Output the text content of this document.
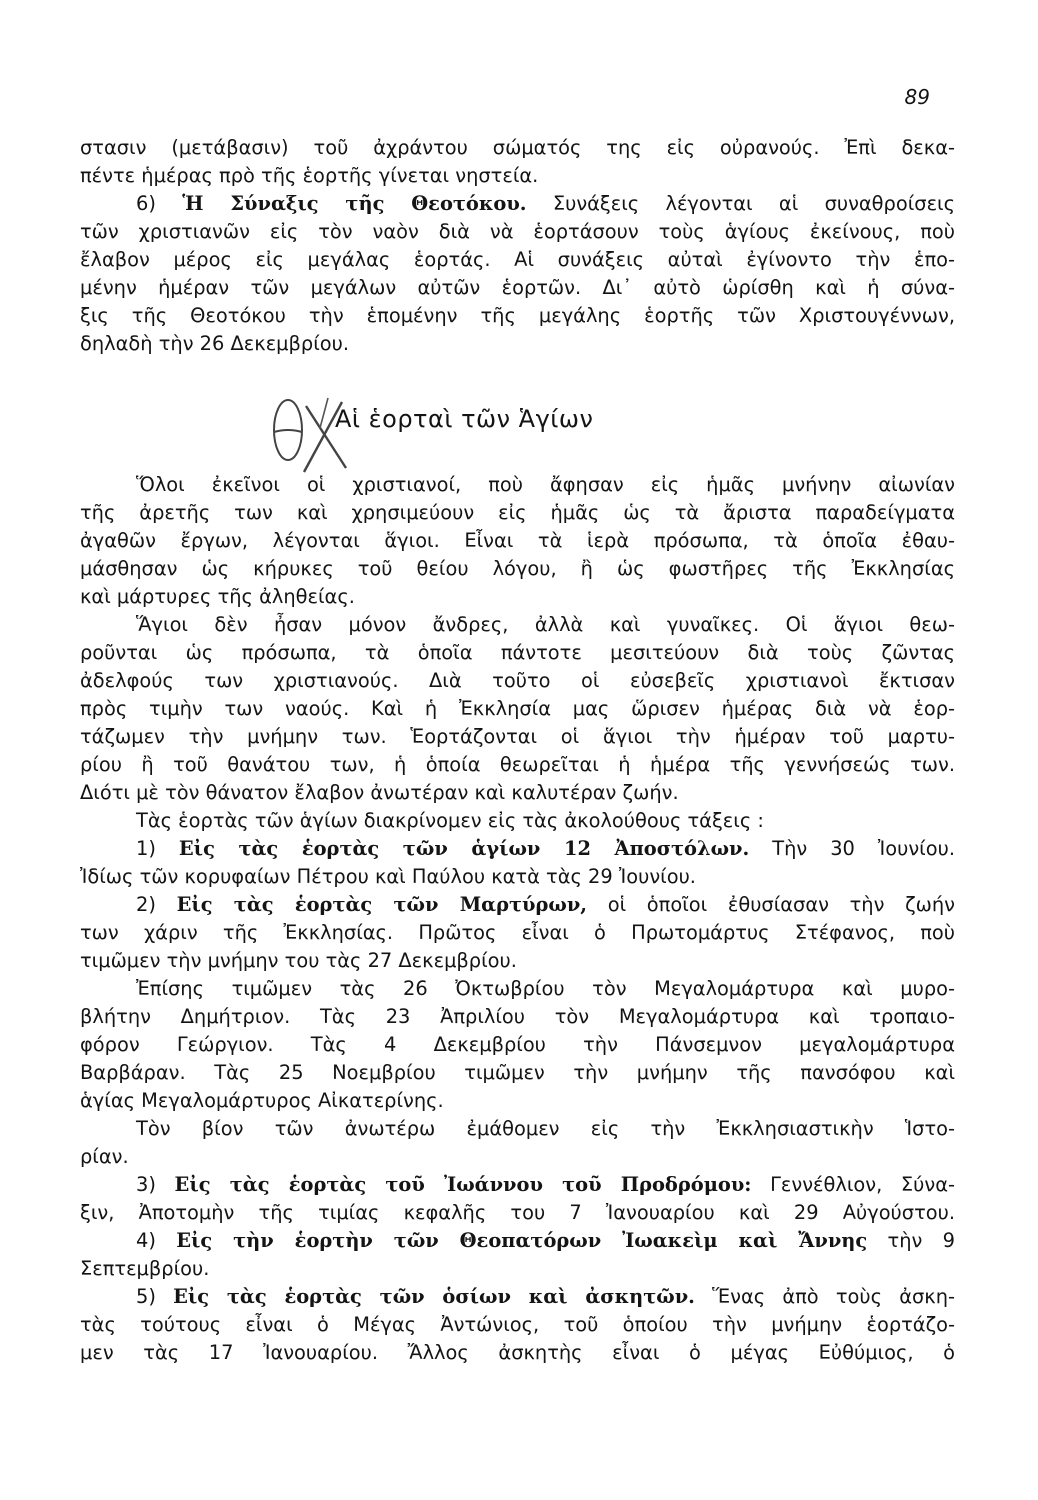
89
στασιν (μετάβασιν) τοῦ ἀχράντου σώματός της εἰς οὐρανούς. Ἐπὶ δεκα-
πέντε ἡμέρας πρὸ τῆς ἑορτῆς γίνεται νηστεία.
6) Ἡ Σύναξις τῆς Θεοτόκου. Συνάξεις λέγονται αἱ συναθροίσεις
τῶν χριστιανῶν εἰς τὸν ναὸν διὰ νὰ ἑορτάσουν τοὺς ἁγίους ἐκείνους, ποὺ
ἔλαβον μέρος εἰς μεγάλας ἑορτάς. Αἱ συνάξεις αὐταὶ ἐγίνοντο τὴν ἑπο-
μένην ἡμέραν τῶν μεγάλων αὐτῶν ἑορτῶν. Δι᾿ αὐτὸ ὡρίσθη καὶ ἡ σύνα-
ξις τῆς Θεοτόκου τὴν ἑπομένην τῆς μεγάλης ἑορτῆς τῶν Χριστουγέννων,
δηλαδὴ τὴν 26 Δεκεμβρίου.
Αἱ ἑορταὶ τῶν Ἁγίων
Ὅλοι ἐκεῖνοι οἱ χριστιανοί, ποὺ ἄφησαν εἰς ἡμᾶς μνήνην αἰωνίαν
τῆς ἀρετῆς των καὶ χρησιμεύουν εἰς ἡμᾶς ὡς τὰ ἄριστα παραδείγματα
ἀγαθῶν ἔργων, λέγονται ἅγιοι. Εἶναι τὰ ἱερὰ πρόσωπα, τὰ ὁποῖα ἐθαυ-
μάσθησαν ὡς κήρυκες τοῦ θείου λόγου, ἢ ὡς φωστῆρες τῆς Ἐκκλησίας
καὶ μάρτυρες τῆς ἀληθείας.
Ἅγιοι δὲν ἦσαν μόνον ἄνδρες, ἀλλὰ καὶ γυναῖκες. Οἱ ἅγιοι θεω-
ροῦνται ὡς πρόσωπα, τὰ ὁποῖα πάντοτε μεσιτεύουν διὰ τοὺς ζῶντας
ἀδελφούς των χριστιανούς. Διὰ τοῦτο οἱ εὐσεβεῖς χριστιανοὶ ἔκτισαν
πρὸς τιμὴν των ναούς. Καὶ ἡ Ἐκκλησία μας ὥρισεν ἡμέρας διὰ νὰ ἑορ-
τάζωμεν τὴν μνήμην των. Ἑορτάζονται οἱ ἅγιοι τὴν ἡμέραν τοῦ μαρτυ-
ρίου ἢ τοῦ θανάτου των, ἡ ὁποία θεωρεῖται ἡ ἡμέρα τῆς γεννήσεώς των.
Διότι μὲ τὸν θάνατον ἔλαβον ἀνωτέραν καὶ καλυτέραν ζωήν.
Τὰς ἑορτὰς τῶν ἁγίων διακρίνομεν εἰς τὰς ἀκολούθους τάξεις :
1) Εἰς τὰς ἑορτὰς τῶν ἁγίων 12 Ἀποστόλων. Τὴν 30 Ἰουνίου.
Ἰδίως τῶν κορυφαίων Πέτρου καὶ Παύλου κατὰ τὰς 29 Ἰουνίου.
2) Εἰς τὰς ἑορτὰς τῶν Μαρτύρων, οἱ ὁποῖοι ἐθυσίασαν τὴν ζωήν
των χάριν τῆς Ἐκκλησίας. Πρῶτος εἶναι ὁ Πρωτομάρτυς Στέφανος, ποὺ
τιμῶμεν τὴν μνήμην του τὰς 27 Δεκεμβρίου.
Ἐπίσης τιμῶμεν τὰς 26 Ὀκτωβρίου τὸν Μεγαλομάρτυρα καὶ μυρο-
βλήτην Δημήτριον. Τὰς 23 Ἀπριλίου τὸν Μεγαλομάρτυρα καὶ τροπαιο-
φόρον Γεώργιον. Τὰς 4 Δεκεμβρίου τὴν Πάνσεμνον μεγαλομάρτυρα
Βαρβάραν. Τὰς 25 Νοεμβρίου τιμῶμεν τὴν μνήμην τῆς πανσόφου καὶ
ἁγίας Μεγαλομάρτυρος Αἰκατερίνης.
Τὸν βίον τῶν ἀνωτέρω ἐμάθομεν εἰς τὴν Ἐκκλησιαστικὴν Ἱστο-
ρίαν.
3) Εἰς τὰς ἑορτὰς τοῦ Ἰωάννου τοῦ Προδρόμου: Γεννέθλιον, Σύνα-
ξιν, Ἀποτομὴν τῆς τιμίας κεφαλῆς του 7 Ἰανουαρίου καὶ 29 Αὐγούστου.
4) Εἰς τὴν ἑορτὴν τῶν Θεοπατόρων Ἰωακεὶμ καὶ Ἄννης τὴν 9
Σεπτεμβρίου.
5) Εἰς τὰς ἑορτὰς τῶν ὁσίων καὶ ἀσκητῶν. Ἕνας ἀπὸ τοὺς ἀσκη-
τὰς τούτους εἶναι ὁ Μέγας Ἀντώνιος, τοῦ ὁποίου τὴν μνήμην ἑορτάζο-
μεν τὰς 17 Ἰανουαρίου. Ἄλλος ἀσκητὴς εἶναι ὁ μέγας Εὐθύμιος, ὁ
